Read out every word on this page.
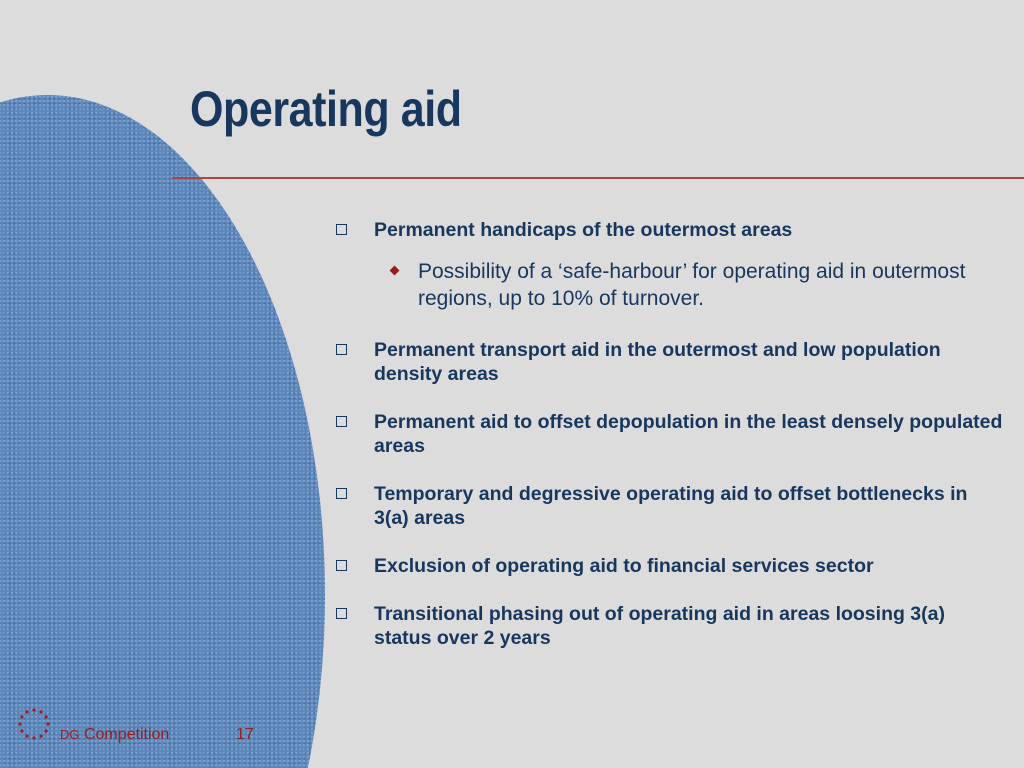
Operating aid
Permanent handicaps of the outermost areas
Possibility of a ‘safe-harbour’ for operating aid in outermost regions, up to 10% of turnover.
Permanent transport aid in the outermost and low population density areas
Permanent aid to offset depopulation in the least densely populated areas
Temporary and degressive operating aid to offset bottlenecks in 3(a) areas
Exclusion of operating aid to financial services sector
Transitional phasing out of operating aid in areas loosing 3(a) status over 2 years
DG Competition	17
